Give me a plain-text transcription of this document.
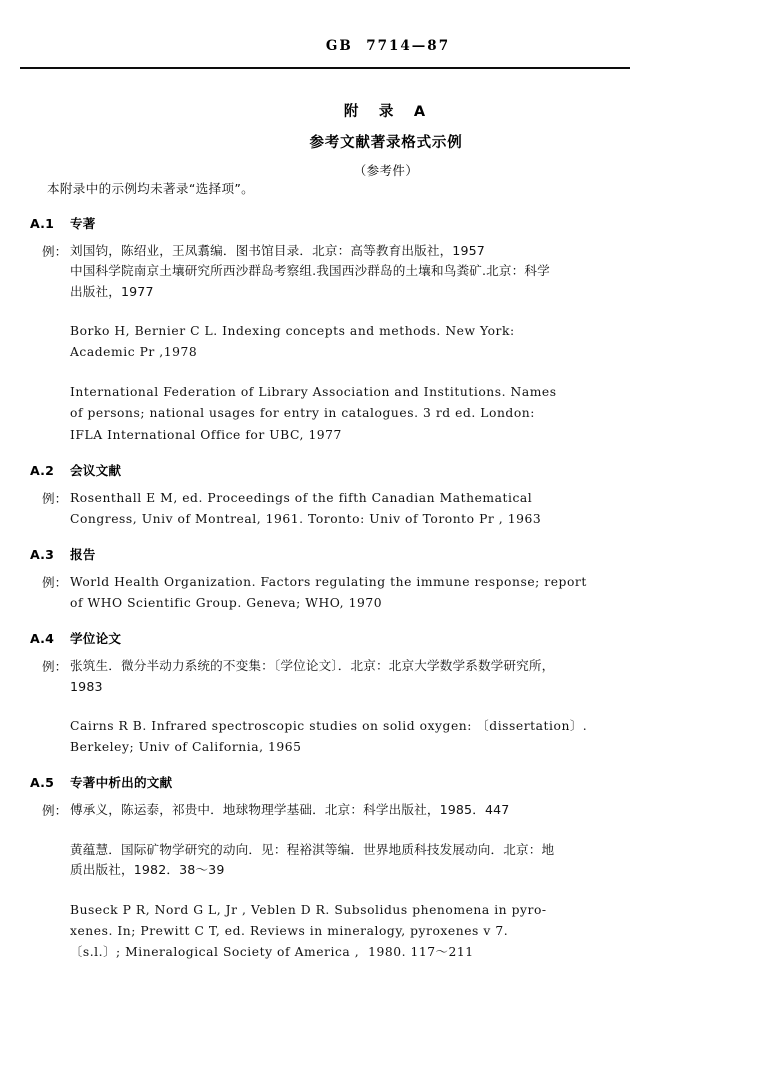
GB  7714—87
附　录　A
参考文献著录格式示例
（参考件）
本附录中的示例均未著录“选择项”。
A.1 专著
例： 刘国钧，陈绍业，王凤翥编．图书馆目录．北京：高等教育出版社，1957
中国科学院南京土壤研究所西沙群岛考察组.我国西沙群岛的土壤和鸟粪矿.北京：科学
出版社，1977
Borko H, Bernier C L. Indexing concepts and methods. New York:
Academic Pr ,1978
International Federation of Library Association and Institutions. Names
of persons; national usages for entry in catalogues. 3 rd ed. London:
IFLA International Office for UBC, 1977
A.2 会议文献
例： Rosenthall E M, ed. Proceedings of the fifth Canadian Mathematical
Congress, Univ of Montreal, 1961. Toronto: Univ of Toronto Pr , 1963
A.3 报告
例： World Health Organization. Factors regulating the immune response; report
of WHO Scientific Group. Geneva; WHO, 1970
A.4 学位论文
例： 张筑生．微分半动力系统的不变集：〔学位论文〕．北京：北京大学数学系数学研究所，
1983
Cairns R B. Infrared spectroscopic studies on solid oxygen: 〔dissertation〕.
Berkeley; Univ of California, 1965
A.5 专著中析出的文献
例： 傅承义，陈运泰，祁贵中．地球物理学基础．北京：科学出版社，1985．447
黄蕴慧．国际矿物学研究的动向．见：程裕淇等编．世界地质科技发展动向．北京：地
质出版社，1982．38～39
Buseck P R, Nord G L, Jr , Veblen D R. Subsolidus phenomena in pyro-
xenes. In; Prewitt C T, ed. Reviews in mineralogy, pyroxenes v 7.
〔s.l.〕; Mineralogical Society of America ,  1980. 117～211
